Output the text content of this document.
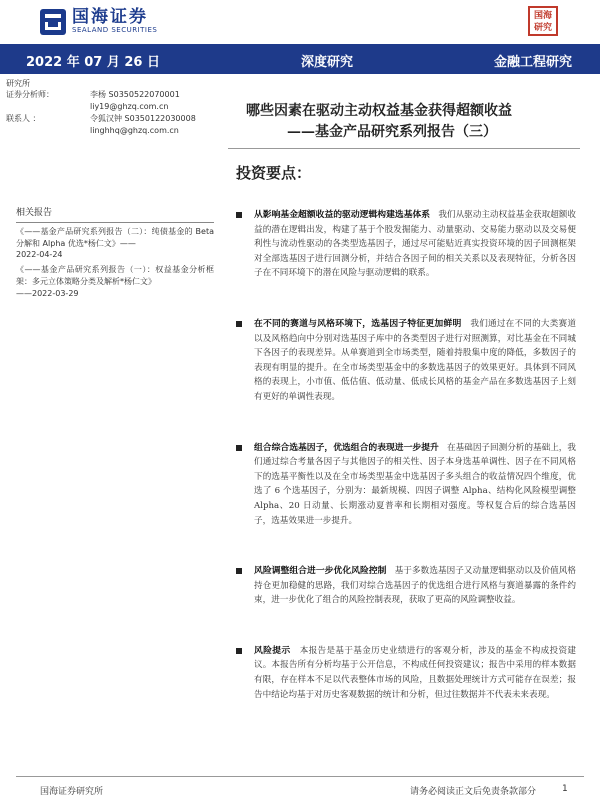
国海证券
SEALAND SECURITIES
国海研究
2022 年 07 月 26 日	深度研究	金融工程研究
研究所
证券分析师：	李杨 S0350522070001
liy19@ghzq.com.cn
联系人 ：	令狐汉钟 S0350122030008
linghhq@ghzq.com.cn
哪些因素在驱动主动权益基金获得超额收益
——基金产品研究系列报告（三）
投资要点：
相关报告
《——基金产品研究系列报告（二）：纯债基金的 Beta 分解和 Alpha 优选*杨仁文》——
2022-04-24
《——基金产品研究系列报告（一）：权益基金分析框架：多元立体策略分类及解析*杨仁文》
——2022-03-29
从影响基金超额收益的驱动逻辑构建选基体系 我们从驱动主动权益基金获取超额收益的潜在逻辑出发，构建了基于个股发掘能力、动量驱动、交易能力驱动以及交易便利性与流动性驱动的各类型选基因子，通过尽可能贴近真实投资环境的因子回测框架对全部选基因子进行回测分析，并结合各因子间的相关关系以及表现特征，分析各因子在不同环境下的潜在风险与驱动逻辑的联系。
在不同的赛道与风格环境下，选基因子特征更加鲜明 我们通过在不同的大类赛道以及风格趋向中分别对选基因子库中的各类型因子进行对照测算，对比基金在不同城下各因子的表现差异。从单赛道到全市场类型，随着持股集中度的降低，多数因子的表现有明显的提升。在全市场类型基金中的多数选基因子的效果更好。具体到不同风格的表现上，小市值、低估值、低动量、低成长风格的基金产品在多数选基因子上刻有更好的单调性表现。
组合综合选基因子，优选组合的表现进一步提升 在基础因子回测分析的基础上，我们通过综合考量各因子与其他因子的相关性、因子本身选基单调性、因子在不同风格下的选基平衡性以及在全市场类型基金中选基因子多头组合的收益情况四个维度，优选了 6 个选基因子，分别为：最新规模、四因子调整 Alpha、结构化风险模型调整 Alpha、20 日动量、长期涨动夏普率和长期相对强度。等权复合后的综合选基因子，选基效果进一步提升。
风险调整组合进一步优化风险控制 基于多数选基因子又动量逻辑驱动以及价值风格持仓更加稳健的思路，我们对综合选基因子的优选组合进行风格与赛道暴露的条件约束，进一步优化了组合的风险控制表现，获取了更高的风险调整收益。
风险提示 本报告是基于基金历史业绩进行的客观分析，涉及的基金不构成投资建议。本报告所有分析均基于公开信息，不构成任何投资建议；报告中采用的样本数据有限，存在样本不足以代表整体市场的风险，且数据处理统计方式可能存在误差；报告中结论均基于对历史客观数据的统计和分析，但过往数据并不代表未来表现。
国海证券研究所	请务必阅读正文后免责条款部分	1
